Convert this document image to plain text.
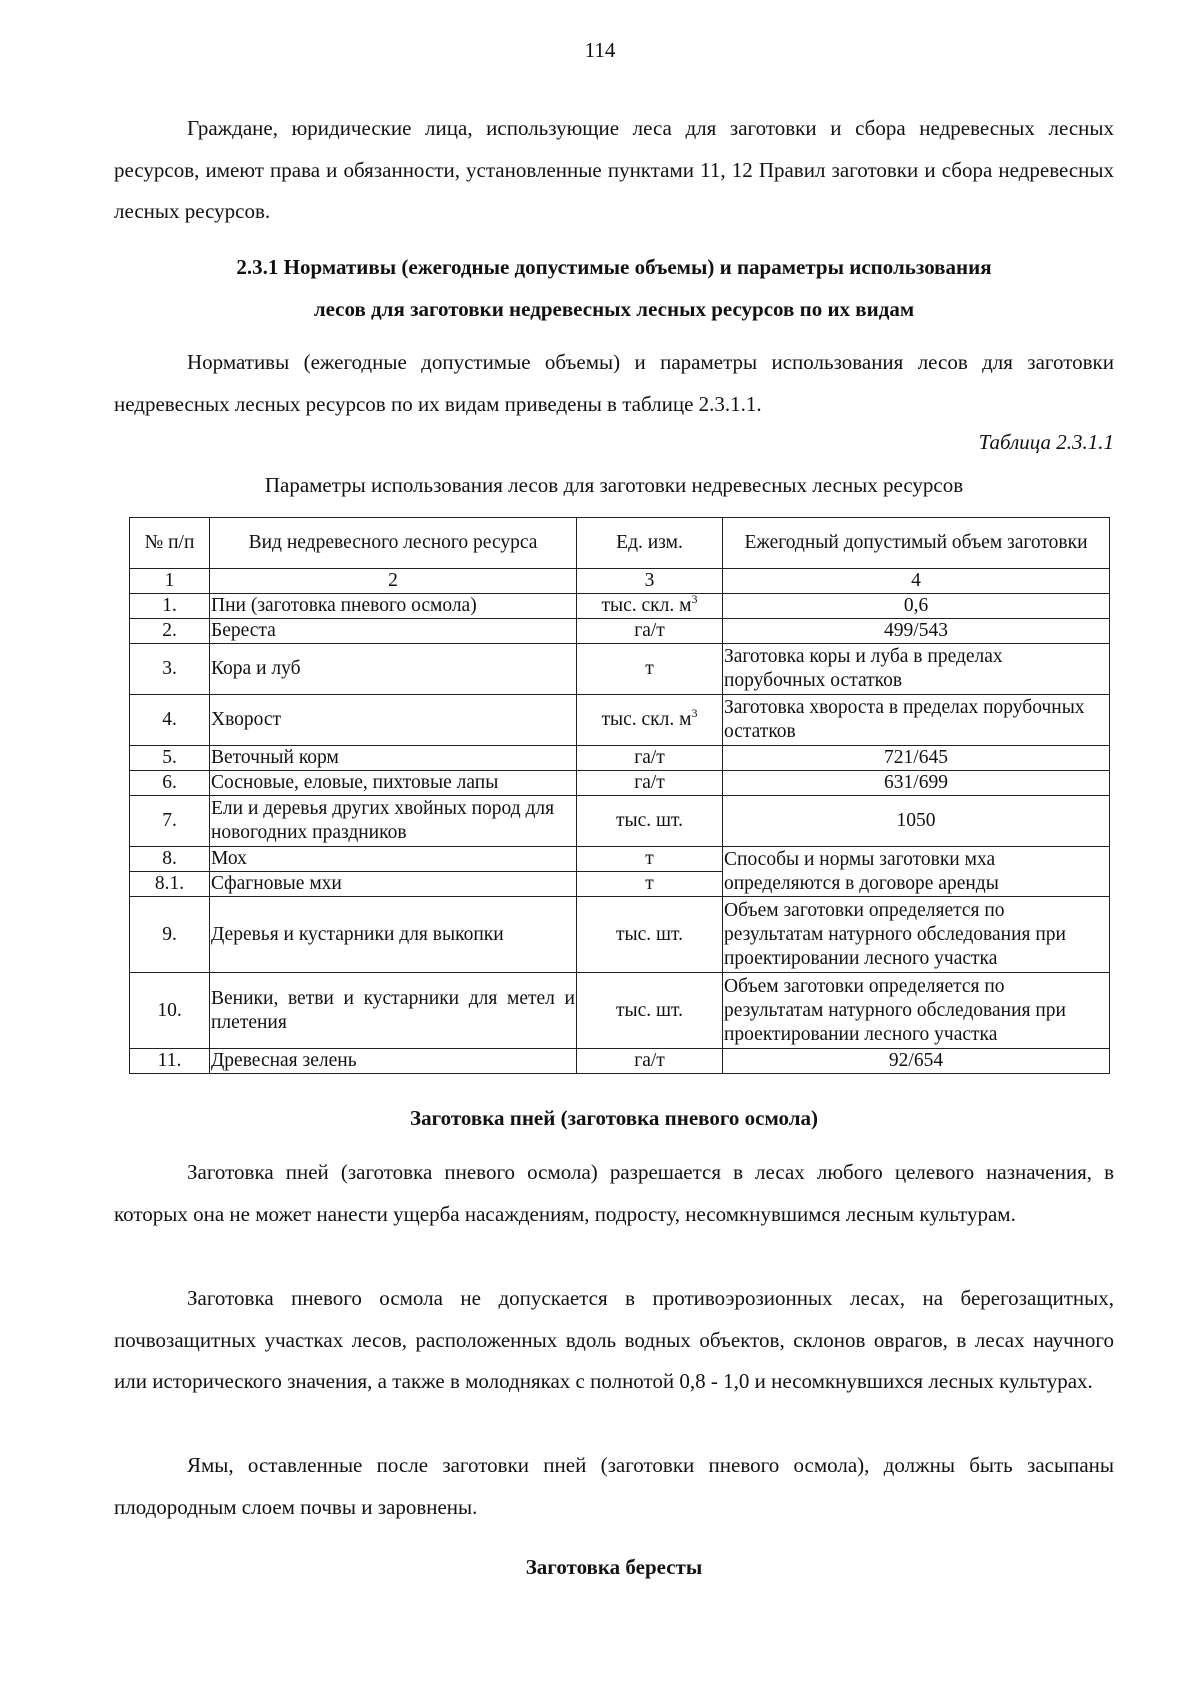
114

Граждане, юридические лица, использующие леса для заготовки и сбора недревесных лесных ресурсов, имеют права и обязанности, установленные пунктами 11, 12 Правил заготовки и сбора недревесных лесных ресурсов.

2.3.1 Нормативы (ежегодные допустимые объемы) и параметры использования
лесов для заготовки недревесных лесных ресурсов по их видам

Нормативы (ежегодные допустимые объемы) и параметры использования лесов для заготовки недревесных лесных ресурсов по их видам приведены в таблице 2.3.1.1.

Таблица 2.3.1.1
Параметры использования лесов для заготовки недревесных лесных ресурсов
№ п/п	Вид недревесного лесного ресурса	Ед. изм.	Ежегодный допустимый объем заготовки
1	2	3	4
1.	Пни (заготовка пневого осмола)	тыс. скл. $м^3$	0,6
2.	Береста	га/т	499/543
3.	Кора и луб	т	Заготовка коры и луба в пределах порубочных остатков
4.	Хворост	тыс. скл. $м^3$	Заготовка хвороста в пределах порубочных остатков
5.	Веточный корм	га/т	721/645
6.	Сосновые, еловые, пихтовые лапы	га/т	631/699
7.	Ели и деревья других хвойных пород для новогодних праздников	тыс. шт.	1050
8.	Мох	т	Способы и нормы заготовки мха определяются в договоре аренды
8.1.	Сфагновые мхи	т	
9.	Деревья и кустарники для выкопки	тыс. шт.	Объем заготовки определяется по результатам натурного обследования при проектировании лесного участка
10.	Веники, ветви и кустарники для метел и плетения	тыс. шт.	Объем заготовки определяется по результатам натурного обследования при проектировании лесного участка
11.	Древесная зелень	га/т	92/654
Заготовка пней (заготовка пневого осмола)

Заготовка пней (заготовка пневого осмола) разрешается в лесах любого целевого назначения, в которых она не может нанести ущерба насаждениям, подросту, несомкнувшимся лесным культурам.

Заготовка пневого осмола не допускается в противоэрозионных лесах, на берегозащитных, почвозащитных участках лесов, расположенных вдоль водных объектов, склонов оврагов, в лесах научного или исторического значения, а также в молодняках с полнотой 0,8 - 1,0 и несомкнувшихся лесных культурах.

Ямы, оставленные после заготовки пней (заготовки пневого осмола), должны быть засыпаны плодородным слоем почвы и заровнены.

Заготовка бересты
